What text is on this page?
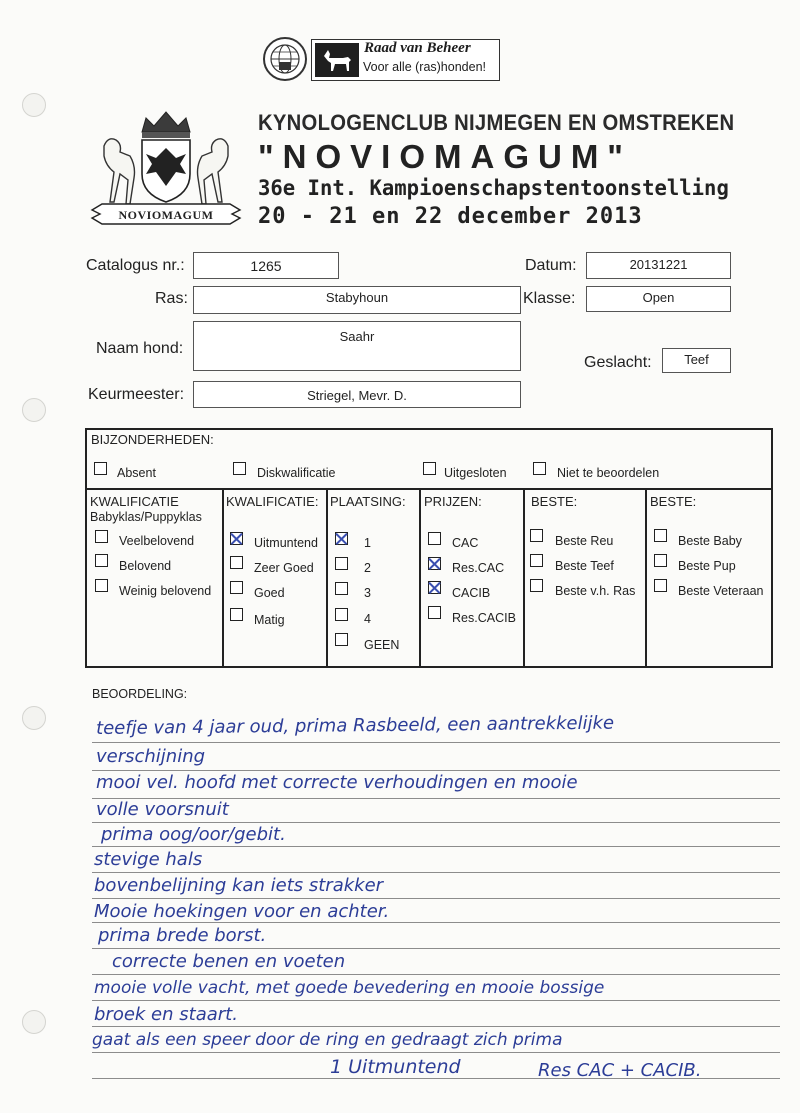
Raad van Beheer
Voor alle (ras)honden!
NOVIOMAGUM
KYNOLOGENCLUB NIJMEGEN EN OMSTREKEN
"NOVIOMAGUM"
36e Int. Kampioenschapstentoonstelling
20 - 21 en 22 december 2013
Catalogus nr.:	1265	Datum:	20131221
Ras:	Stabyhoun	Klasse:	Open
Naam hond:
Saahr
Geslacht:	Teef
Keurmeester:	Striegel, Mevr. D.
BIJZONDERHEDEN:
Absent	Diskwalificatie	Uitgesloten	Niet te beoordelen
KWALIFICATIE
Babyklas/Puppyklas
Veelbelovend
Belovend
Weinig belovend
KWALIFICATIE:
Uitmuntend
Zeer Goed
Goed
Matig
PLAATSING:
1
2
3
4
GEEN
PRIJZEN:
CAC
Res.CAC
CACIB
Res.CACIB
BESTE:
Beste Reu
Beste Teef
Beste v.h. Ras
BESTE:
Beste Baby
Beste Pup
Beste Veteraan
BEOORDELING:
teefje van 4 jaar oud, prima Rasbeeld, een aantrekkelijke
verschijning
mooi vel. hoofd met correcte verhoudingen en mooie
volle voorsnuit
prima oog/oor/gebit.
stevige hals
bovenbelijning kan iets strakker
Mooie hoekingen voor en achter.
prima brede borst.
correcte benen en voeten
mooie volle vacht, met goede bevedering en mooie bossige
broek en staart.
gaat als een speer door de ring en gedraagt zich prima
1 Uitmuntend	Res CAC + CACIB.
